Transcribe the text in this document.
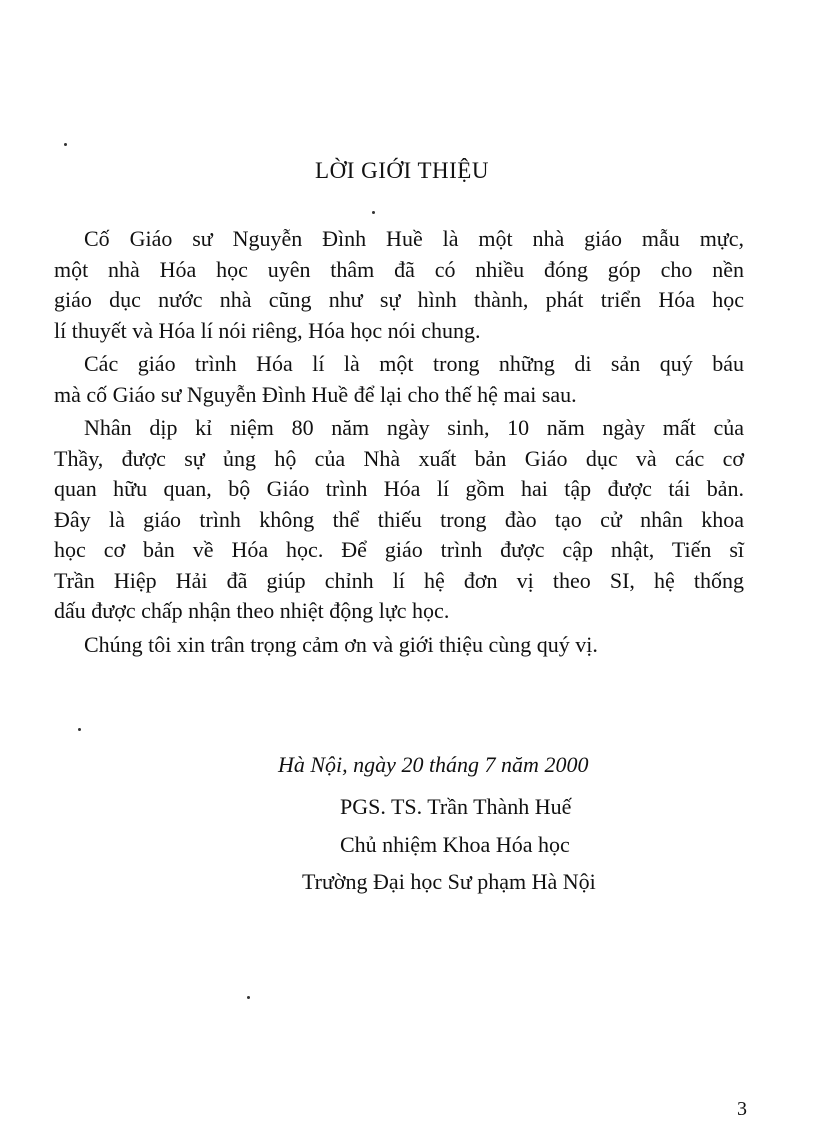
LỜI GIỚI THIỆU

Cố Giáo sư Nguyễn Đình Huề là một nhà giáo mẫu mực,
một nhà Hóa học uyên thâm đã có nhiều đóng góp cho nền
giáo dục nước nhà cũng như sự hình thành, phát triển Hóa học
lí thuyết và Hóa lí nói riêng, Hóa học nói chung.

Các giáo trình Hóa lí là một trong những di sản quý báu
mà cố Giáo sư Nguyễn Đình Huề để lại cho thế hệ mai sau.

Nhân dịp kỉ niệm 80 năm ngày sinh, 10 năm ngày mất của
Thầy, được sự ủng hộ của Nhà xuất bản Giáo dục và các cơ
quan hữu quan, bộ Giáo trình Hóa lí gồm hai tập được tái bản.
Đây là giáo trình không thể thiếu trong đào tạo cử nhân khoa
học cơ bản về Hóa học. Để giáo trình được cập nhật, Tiến sĩ
Trần Hiệp Hải đã giúp chỉnh lí hệ đơn vị theo SI, hệ thống
dấu được chấp nhận theo nhiệt động lực học.

Chúng tôi xin trân trọng cảm ơn và giới thiệu cùng quý vị.

Hà Nội, ngày 20 tháng 7 năm 2000

PGS. TS. Trần Thành Huế

Chủ nhiệm Khoa Hóa học

Trường Đại học Sư phạm Hà Nội

3
